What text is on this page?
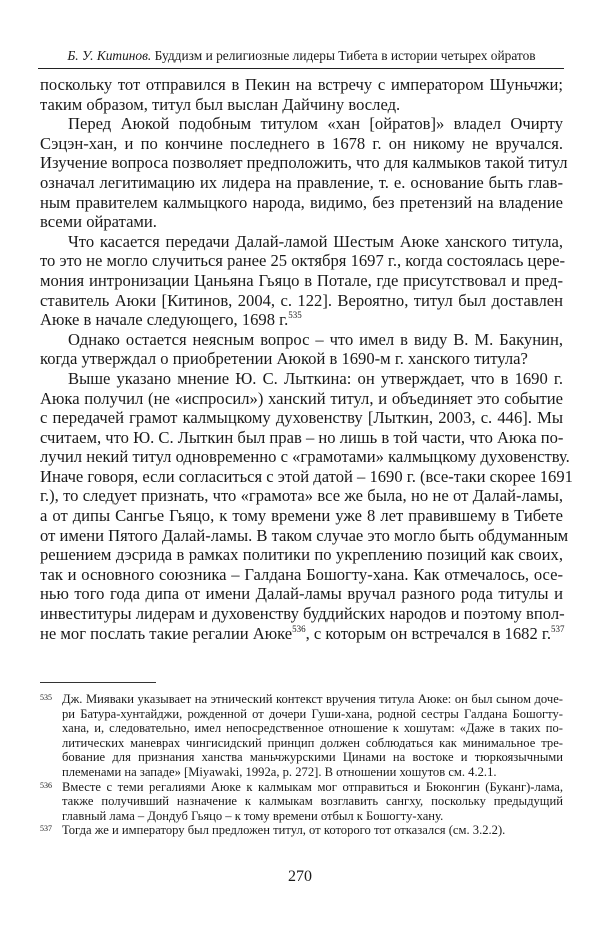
Б. У. Китинов. Буддизм и религиозные лидеры Тибета в истории четырех ойратов
поскольку тот отправился в Пекин на встречу с императором Шуньчжи;
таким образом, титул был выслан Дайчину вослед.
Перед Аюкой подобным титулом «хан [ойратов]» владел Очирту
Сэцэн-хан, и по кончине последнего в 1678 г. он никому не вручался.
Изучение вопроса позволяет предположить, что для калмыков такой титул
означал легитимацию их лидера на правление, т. е. основание быть глав-
ным правителем калмыцкого народа, видимо, без претензий на владение
всеми ойратами.
Что касается передачи Далай-ламой Шестым Аюке ханского титула,
то это не могло случиться ранее 25 октября 1697 г., когда состоялась цере-
мония интронизации Цаньяна Гьяцо в Потале, где присутствовал и пред-
ставитель Аюки [Китинов, 2004, с. 122]. Вероятно, титул был доставлен
Аюке в начале следующего, 1698 г.$^{535}$
Однако остается неясным вопрос – что имел в виду В. М. Бакунин,
когда утверждал о приобретении Аюкой в 1690-м г. ханского титула?
Выше указано мнение Ю. С. Лыткина: он утверждает, что в 1690 г.
Аюка получил (не «испросил») ханский титул, и объединяет это событие
с передачей грамот калмыцкому духовенству [Лыткин, 2003, с. 446]. Мы
считаем, что Ю. С. Лыткин был прав – но лишь в той части, что Аюка по-
лучил некий титул одновременно с «грамотами» калмыцкому духовенству.
Иначе говоря, если согласиться с этой датой – 1690 г. (все-таки скорее 1691
г.), то следует признать, что «грамота» все же была, но не от Далай-ламы,
а от дипы Сангье Гьяцо, к тому времени уже 8 лет правившему в Тибете
от имени Пятого Далай-ламы. В таком случае это могло быть обдуманным
решением дэсрида в рамках политики по укреплению позиций как своих,
так и основного союзника – Галдана Бошогту-хана. Как отмечалось, осе-
нью того года дипа от имени Далай-ламы вручал разного рода титулы и
инвеституры лидерам и духовенству буддийских народов и поэтому впол-
не мог послать такие регалии Аюке$^{536}$, с которым он встречался в 1682 г.$^{537}$
535 Дж. Мияваки указывает на этнический контекст вручения титула Аюке: он был сыном доче-
ри Батура-хунтайджи, рожденной от дочери Гуши-хана, родной сестры Галдана Бошогту-
хана, и, следовательно, имел непосредственное отношение к хошутам: «Даже в таких по-
литических маневрах чингисидский принцип должен соблюдаться как минимальное тре-
бование для признания ханства маньчжурскими Цинами на востоке и тюркоязычными
племенами на западе» [Miyawaki, 1992a, p. 272]. В отношении хошутов см. 4.2.1.
536 Вместе с теми регалиями Аюке к калмыкам мог отправиться и Бюконгин (Буканг)-лама,
также получивший назначение к калмыкам возглавить сангху, поскольку предыдущий
главный лама – Дондуб Гьяцо – к тому времени отбыл к Бошогту-хану.
537 Тогда же и императору был предложен титул, от которого тот отказался (см. 3.2.2).
270
